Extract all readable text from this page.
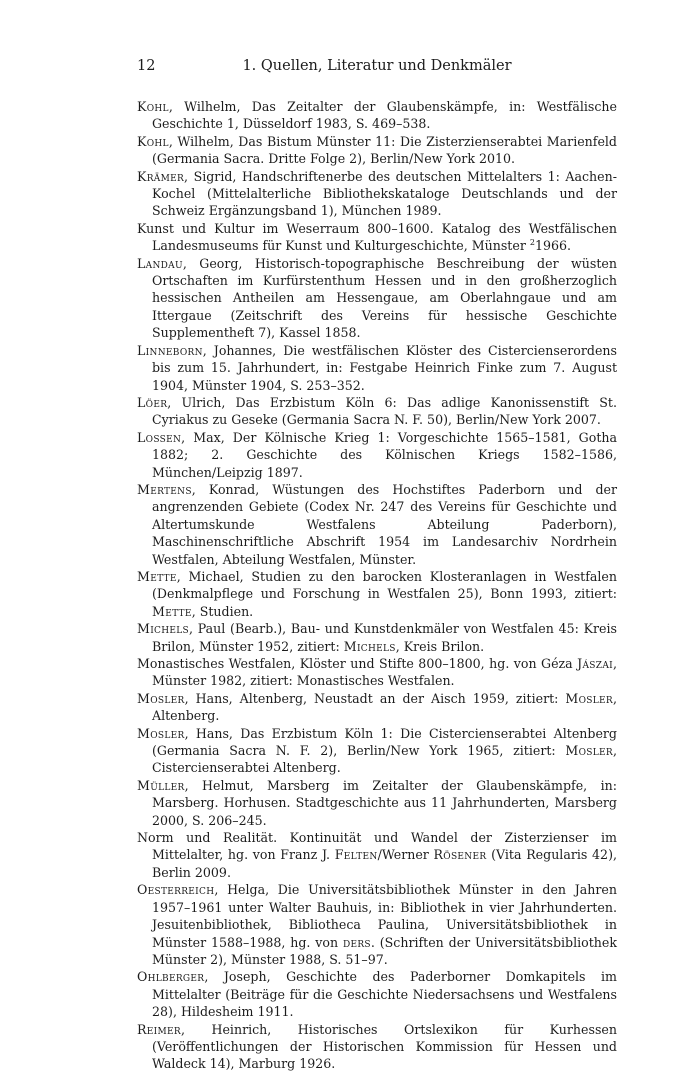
12	1. Quellen, Literatur und Denkmäler

Kohl, Wilhelm, Das Zeitalter der Glaubenskämpfe, in: Westfälische Geschichte 1, Düsseldorf 1983, S. 469–538.

Kohl, Wilhelm, Das Bistum Münster 11: Die Zisterzienserabtei Marienfeld (Germania Sacra. Dritte Folge 2), Berlin/New York 2010.

Krämer, Sigrid, Handschriftenerbe des deutschen Mittelalters 1: Aachen-Kochel (Mittelalterliche Bibliothekskataloge Deutschlands und der Schweiz Ergänzungsband 1), München 1989.

Kunst und Kultur im Weserraum 800–1600. Katalog des Westfälischen Landesmuseums für Kunst und Kulturgeschichte, Münster $^2$1966.

Landau, Georg, Historisch-topographische Beschreibung der wüsten Ortschaften im Kurfürstenthum Hessen und in den großherzoglich hessischen Antheilen am Hessengaue, am Oberlahngaue und am Ittergaue (Zeitschrift des Vereins für hessische Geschichte Supplementheft 7), Kassel 1858.

Linneborn, Johannes, Die westfälischen Klöster des Cistercienserordens bis zum 15. Jahrhundert, in: Festgabe Heinrich Finke zum 7. August 1904, Münster 1904, S. 253–352.

Löer, Ulrich, Das Erzbistum Köln 6: Das adlige Kanonissenstift St. Cyriakus zu Geseke (Germania Sacra N. F. 50), Berlin/New York 2007.

Lossen, Max, Der Kölnische Krieg 1: Vorgeschichte 1565–1581, Gotha 1882; 2. Geschichte des Kölnischen Kriegs 1582–1586, München/Leipzig 1897.

Mertens, Konrad, Wüstungen des Hochstiftes Paderborn und der angrenzenden Gebiete (Codex Nr. 247 des Vereins für Geschichte und Altertumskunde Westfalens Abteilung Paderborn), Maschinenschriftliche Abschrift 1954 im Landesarchiv Nordrhein Westfalen, Abteilung Westfalen, Münster.

Mette, Michael, Studien zu den barocken Klosteranlagen in Westfalen (Denkmalpflege und Forschung in Westfalen 25), Bonn 1993, zitiert: Mette, Studien.

Michels, Paul (Bearb.), Bau- und Kunstdenkmäler von Westfalen 45: Kreis Brilon, Münster 1952, zitiert: Michels, Kreis Brilon.

Monastisches Westfalen, Klöster und Stifte 800–1800, hg. von Géza Jászai, Münster 1982, zitiert: Monastisches Westfalen.

Mosler, Hans, Altenberg, Neustadt an der Aisch 1959, zitiert: Mosler, Altenberg.

Mosler, Hans, Das Erzbistum Köln 1: Die Cistercienserabtei Altenberg (Germania Sacra N. F. 2), Berlin/New York 1965, zitiert: Mosler, Cistercienserabtei Altenberg.

Müller, Helmut, Marsberg im Zeitalter der Glaubenskämpfe, in: Marsberg. Horhusen. Stadtgeschichte aus 11 Jahrhunderten, Marsberg 2000, S. 206–245.

Norm und Realität. Kontinuität und Wandel der Zisterzienser im Mittelalter, hg. von Franz J. Felten/Werner Rösener (Vita Regularis 42), Berlin 2009.

Oesterreich, Helga, Die Universitätsbibliothek Münster in den Jahren 1957–1961 unter Walter Bauhuis, in: Bibliothek in vier Jahrhunderten. Jesuitenbibliothek, Bibliotheca Paulina, Universitätsbibliothek in Münster 1588–1988, hg. von ders. (Schriften der Universitätsbibliothek Münster 2), Münster 1988, S. 51–97.

Ohlberger, Joseph, Geschichte des Paderborner Domkapitels im Mittelalter (Beiträge für die Geschichte Niedersachsens und Westfalens 28), Hildesheim 1911.

Reimer, Heinrich, Historisches Ortslexikon für Kurhessen (Veröffentlichungen der Historischen Kommission für Hessen und Waldeck 14), Marburg 1926.
